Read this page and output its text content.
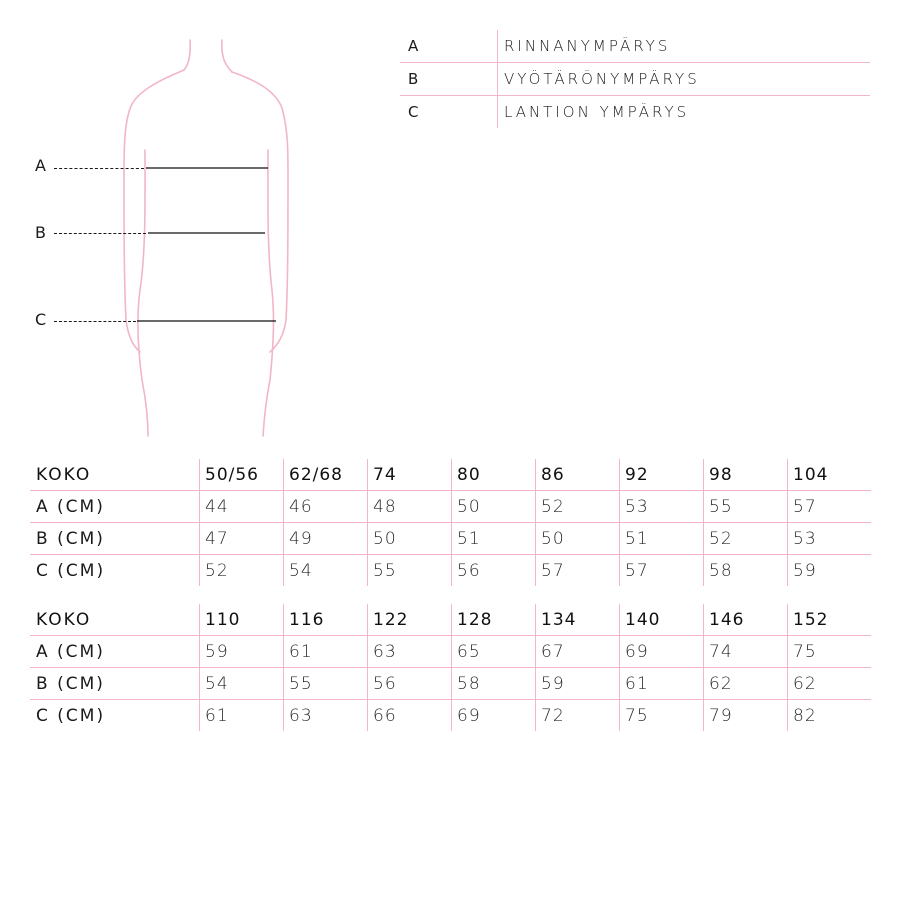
A
B
C
A	RINNANYMPÄRYS
B	VYÖTÄRÖNYMPÄRYS
C	LANTION YMPÄRYS
KOKO	50/56	62/68	74	80	86	92	98	104
A (CM)	44	46	48	50	52	53	55	57
B (CM)	47	49	50	51	50	51	52	53
C (CM)	52	54	55	56	57	57	58	59
KOKO	110	116	122	128	134	140	146	152
A (CM)	59	61	63	65	67	69	74	75
B (CM)	54	55	56	58	59	61	62	62
C (CM)	61	63	66	69	72	75	79	82
